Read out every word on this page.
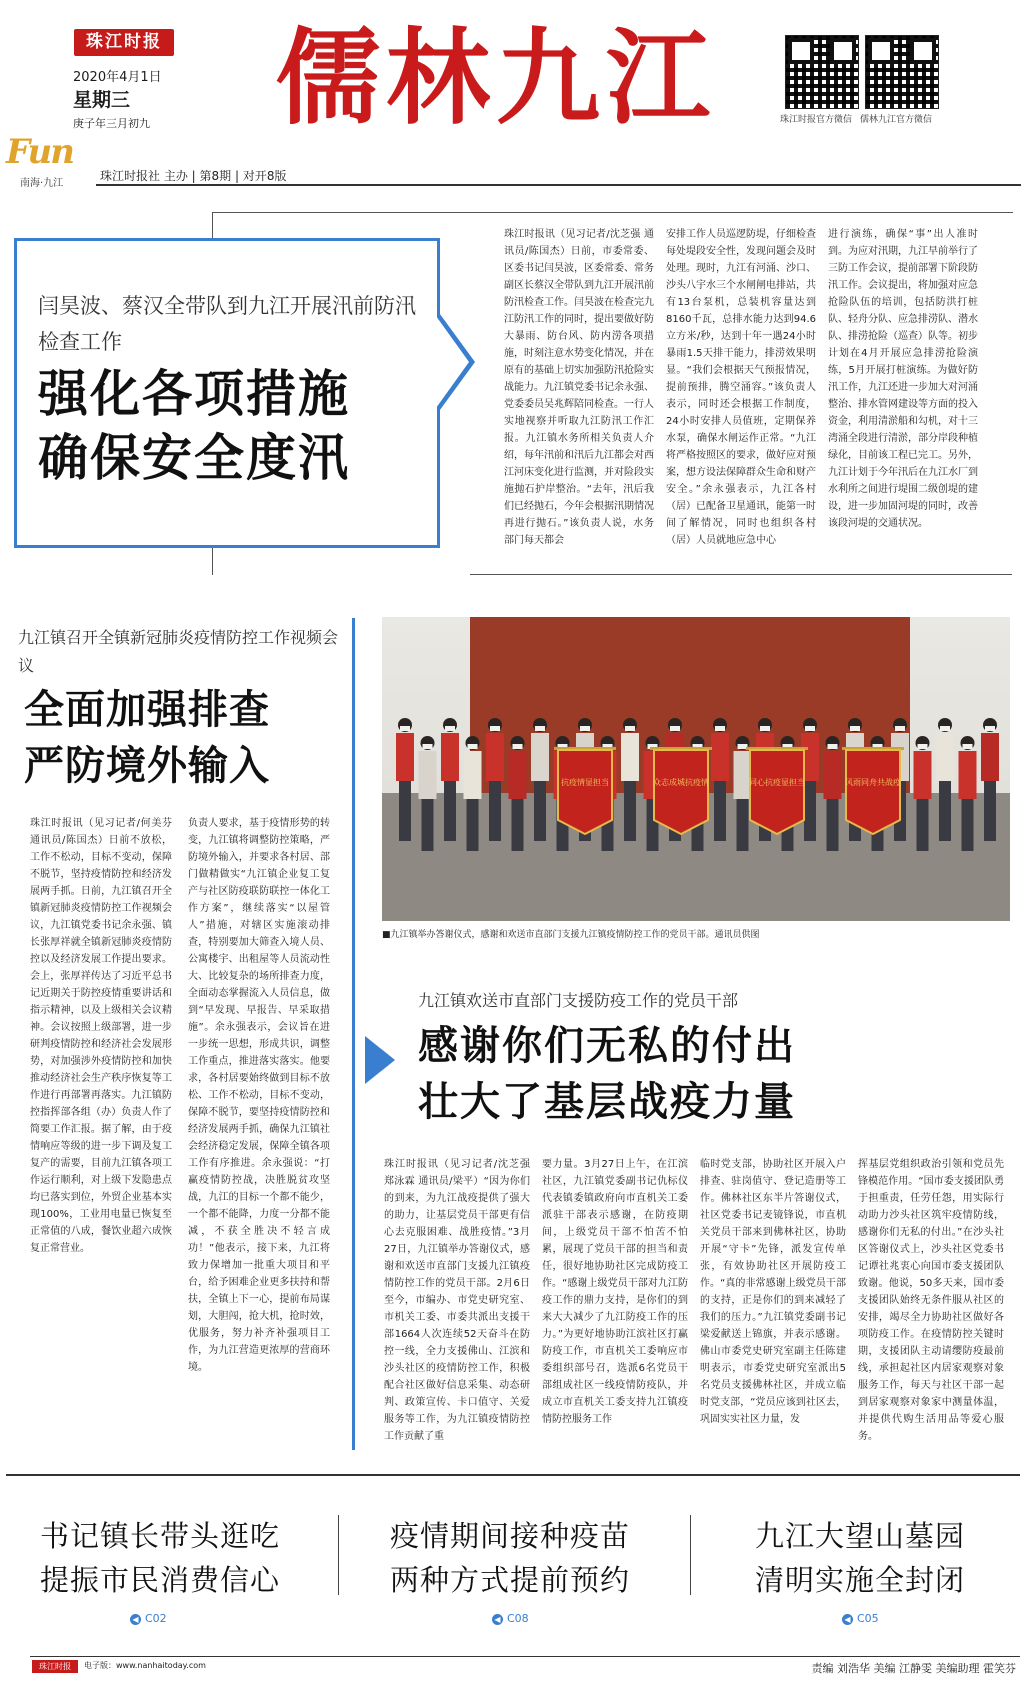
珠江时报
2020年4月1日
星期三
庚子年三月初九
Fun
南海·九江
儒林九江	珠江时报官方微信 儒林九江官方微信
珠江时报社 主办 | 第8期 | 对开8版
闫昊波、蔡汉全带队到九江开展汛前防汛检查工作
强化各项措施
确保安全度汛
珠江时报讯（见习记者/沈芝强 通讯员/陈国杰）日前，市委常委、区委书记闫昊波，区委常委、常务副区长蔡汉全带队到九江开展汛前防汛检查工作。闫昊波在检查完九江防汛工作的同时，提出要做好防大暴雨、防台风、防内涝各项措施，时刻注意水势变化情况，并在原有的基础上切实加强防汛抢险实战能力。九江镇党委书记余永强、党委委员吴兆辉陪同检查。一行人实地视察并听取九江防汛工作汇报。九江镇水务所相关负责人介绍，每年汛前和汛后九江都会对西江河床变化进行监测，并对险段实施抛石护岸整治。“去年，汛后我们已经抛石，今年会根据汛期情况再进行抛石。”该负责人说，水务部门每天都会
安排工作人员巡逻防堤，仔细检查每处堤段安全性，发现问题会及时处理。现时，九江有河涌、沙口、沙头八宇水三个水闸闸电排站，共有13台泵机，总装机容量达到8160千瓦，总排水能力达到94.6立方米/秒，达到十年一遇24小时暴雨1.5天排干能力，排涝效果明显。“我们会根据天气预报情况，提前预排，腾空涌容。”该负责人表示，同时还会根据工作制度，24小时安排人员值班，定期保养水泵，确保水闸运作正常。“九江将严格按照区的要求，做好应对预案，想方设法保障群众生命和财产安全。”余永强表示，九江各村（居）已配备卫星通讯，能第一时间了解情况，同时也组织各村（居）人员就地应急中心
进行演练，确保“事”出人准时到。为应对汛期，九江早前举行了三防工作会议，提前部署下阶段防汛工作。会议提出，将加强对应急抢险队伍的培训，包括防洪打桩队、轻舟分队、应急排涝队、潜水队、排涝抢险（巡查）队等。初步计划在4月开展应急排涝抢险演练，5月开展打桩演练。为做好防汛工作，九江还进一步加大对河涌整治、排水管网建设等方面的投入资金，利用清淤船和勾机，对十三湾涌全段进行清淤，部分岸段种植绿化，目前该工程已完工。另外，九江计划于今年汛后在九江水厂到水利所之间进行堤围二级创堤的建设，进一步加固河堤的同时，改善该段河堤的交通状况。
九江镇召开全镇新冠肺炎疫情防控工作视频会议
全面加强排查
严防境外输入
珠江时报讯（见习记者/何美芬 通讯员/陈国杰）日前不放松，工作不松动，目标不变动，保障不脱节，坚持疫情防控和经济发展两手抓。日前，九江镇召开全镇新冠肺炎疫情防控工作视频会议，九江镇党委书记余永强、镇长张厚祥就全镇新冠肺炎疫情防控以及经济发展工作提出要求。会上，张厚祥传达了习近平总书记近期关于防控疫情重要讲话和指示精神，以及上级相关会议精神。会议按照上级部署，进一步研判疫情防控和经济社会发展形势，对加强涉外疫情防控和加快推动经济社会生产秩序恢复等工作进行再部署再落实。九江镇防控指挥部各组（办）负责人作了简要工作汇报。据了解，由于疫情响应等级的进一步下调及复工复产的需要，目前九江镇各项工作运行顺利，对上级下发隐患点均已落实到位，外贸企业基本实现100%，工业用电量已恢复至正常值的八成，餐饮业超六成恢复正常营业。
负责人要求，基于疫情形势的转变，九江镇将调整防控策略，严防境外输入，并要求各村居、部门做精做实“九江镇企业复工复产与社区防疫联防联控一体化工作方案”，继续落实“以屋管人”措施，对辖区实施滚动排查，特别要加大筛查入境人员、公寓楼宇、出租屋等人员流动性大、比较复杂的场所排查力度，全面动态掌握流入人员信息，做到“早发现、早报告、早采取措施”。余永强表示，会议旨在进一步统一思想，形成共识，调整工作重点，推进落实落实。他要求，各村居要始终做到目标不放松、工作不松动，目标不变动，保障不脱节，要坚持疫情防控和经济发展两手抓，确保九江镇社会经济稳定发展，保障全镇各项工作有序推进。余永强说：“打赢疫情防控战，决胜脱贫攻坚战，九江的目标一个都不能少，一个都不能降，力度一分都不能减，不获全胜决不轻言成功！”他表示，接下来，九江将致力保增加一批重大项目和平台，给予困难企业更多扶持和帮扶，全镇上下一心，提前布局谋划，大胆闯，抢大机，抢时效，优服务，努力补齐补强项目工作，为九江营造更浓厚的营商环境。
抗疫情显担当	众志成城抗疫情	同心抗疫显担当	风雨同舟共战疫
■九江镇举办答谢仪式，感谢和欢送市直部门支援九江镇疫情防控工作的党员干部。通讯员供图
九江镇欢送市直部门支援防疫工作的党员干部
感谢你们无私的付出
壮大了基层战疫力量
珠江时报讯（见习记者/沈芝强 郑泳霖 通讯员/梁平）“因为你们的到来，为九江战疫提供了强大的助力，让基层党员干部更有信心去克服困难、战胜疫情。”3月27日，九江镇举办答谢仪式，感谢和欢送市直部门支援九江镇疫情防控工作的党员干部。2月6日至今，市编办、市党史研究室、市机关工委、市委共派出支援干部1664人次连续52天奋斗在防控一线，全力支援佛山、江滨和沙头社区的疫情防控工作，积极配合社区做好信息采集、动态研判、政策宣传、卡口值守、关爱服务等工作，为九江镇疫情防控工作贡献了重
要力量。3月27日上午，在江滨社区，九江镇党委副书记仇标仪代表镇委镇政府向市直机关工委派驻干部表示感谢，在防疫期间，上级党员干部不怕苦不怕累，展现了党员干部的担当和责任，很好地协助社区完成防疫工作。“感谢上级党员干部对九江防疫工作的鼎力支持，是你们的到来大大减少了九江防疫工作的压力。”为更好地协助江滨社区打赢防疫工作，市直机关工委响应市委组织部号召，选派6名党员干部组成社区一线疫情防疫队，并成立市直机关工委支持九江镇疫情防控服务工作
临时党支部，协助社区开展入户排查、驻岗值守、登记造册等工作。佛林社区东半片答谢仪式，社区党委书记麦镜锋说，市直机关党员干部来到佛林社区，协助开展“守卡”先锋，派发宣传单张，有效协助社区开展防疫工作。“真的非常感谢上级党员干部的支持，正是你们的到来减轻了我们的压力。”九江镇党委副书记梁爱献送上锦旗，并表示感谢。佛山市委党史研究室副主任陈建明表示，市委党史研究室派出5名党员支援佛林社区，并成立临时党支部，“党员应该到社区去，巩固实实社区力量，发
挥基层党组织政治引领和党员先锋模范作用。“国市委支援团队勇于担重责，任劳任怨，用实际行动助力沙头社区筑牢疫情防线，感谢你们无私的付出。”在沙头社区答谢仪式上，沙头社区党委书记谭社兆衷心向国市委支援团队致谢。他说，50多天来，国市委支援团队始终无条件服从社区的安排，竭尽全力协助社区做好各项防疫工作。在疫情防控关键时期，支援团队主动请缨防疫最前线，承担起社区内居家观察对象服务工作，每天与社区干部一起到居家观察对象家中测量体温，并提供代购生活用品等爱心服务。
书记镇长带头逛吃
提振市民消费信心
◀ C02
疫情期间接种疫苗
两种方式提前预约
◀ C08
九江大望山墓园
清明实施全封闭
◀ C05
珠江时报	电子版：www.nanhaitoday.com	责编 刘浩华 美编 江静雯 美编助理 霍笑芬
